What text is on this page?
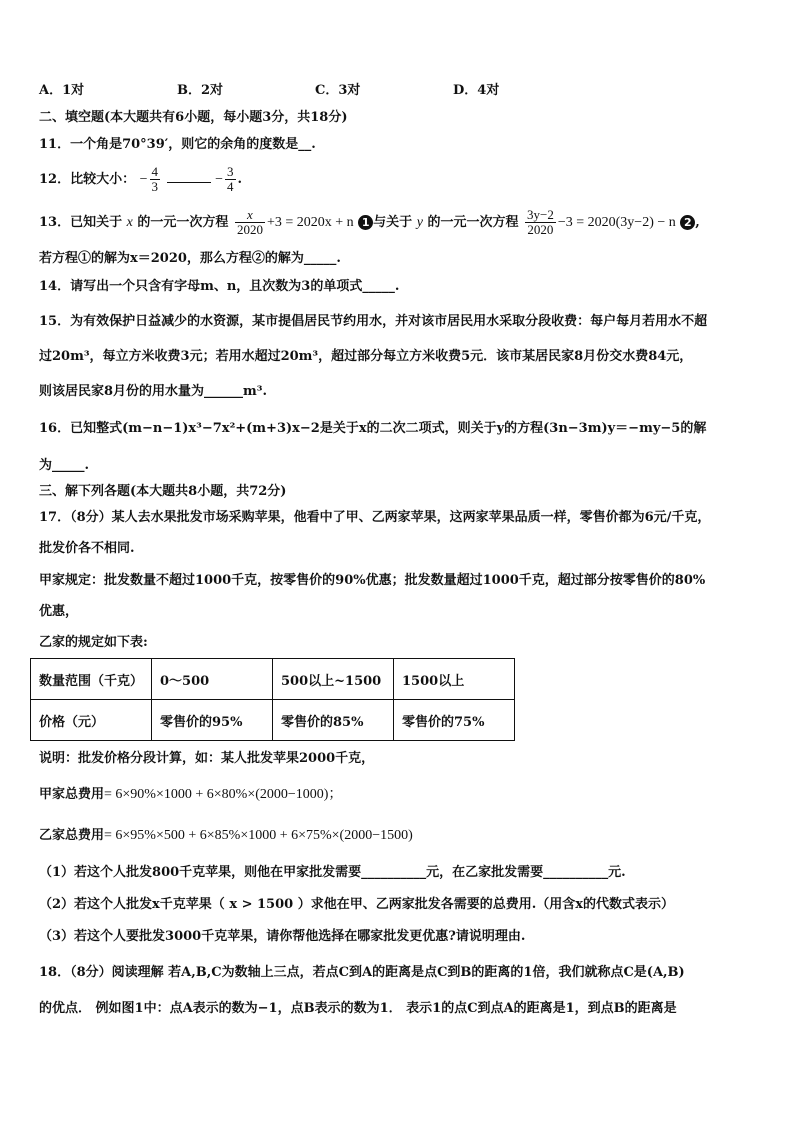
A．1对	B．2对	C．3对	D．4对
二、填空题(本大题共有6小题，每小题3分，共18分)
11．一个角是70°39′，则它的余角的度数是__.
12．比较大小： − $\frac{4}{3}$	− $\frac{3}{4}$ .
13．已知关于 x 的一元一次方程 $\frac{x}{2020} +3 = 2020x + n$ 1 与关于 y 的一元一次方程 $\frac{3y-2}{2020} -3 = 2020(3y-2) - n$ 2 ,
若方程①的解为x＝2020，那么方程②的解为_____.
14．请写出一个只含有字母m、n，且次数为3的单项式_____.
15．为有效保护日益减少的水资源，某市提倡居民节约用水，并对该市居民用水采取分段收费：每户每月若用水不超
过20m³，每立方米收费3元；若用水超过20m³，超过部分每立方米收费5元．该市某居民家8月份交水费84元，
则该居民家8月份的用水量为______m³.
16．已知整式(m−n−1)x³−7x²+(m+3)x−2是关于x的二次二项式，则关于y的方程(3n−3m)y＝−my−5的解
为_____.
三、解下列各题(本大题共8小题，共72分)
17．（8分）某人去水果批发市场采购苹果，他看中了甲、乙两家苹果，这两家苹果品质一样，零售价都为6元/千克，
批发价各不相同.
甲家规定：批发数量不超过1000千克，按零售价的90%优惠；批发数量超过1000千克，超过部分按零售价的80%
优惠，
乙家的规定如下表:
数量范围（千克）	0～500	500以上~1500	1500以上
价格（元）	零售价的95%	零售价的85%	零售价的75%
说明：批发价格分段计算，如：某人批发苹果2000千克，
甲家总费用= 6×90%×1000 + 6×80%×(2000−1000)；
乙家总费用= 6×95%×500 + 6×85%×1000 + 6×75%×(2000−1500)
（1）若这个人批发800千克苹果，则他在甲家批发需要__________元，在乙家批发需要__________元.
（2）若这个人批发x千克苹果（ x > 1500 ）求他在甲、乙两家批发各需要的总费用.（用含x的代数式表示）
（3）若这个人要批发3000千克苹果，请你帮他选择在哪家批发更优惠?请说明理由.
18．（8分）阅读理解 若A,B,C为数轴上三点，若点C到A的距离是点C到B的距离的1倍，我们就称点C是(A,B)
的优点． 例如图1中：点A表示的数为−1，点B表示的数为1． 表示1的点C到点A的距离是1，到点B的距离是
